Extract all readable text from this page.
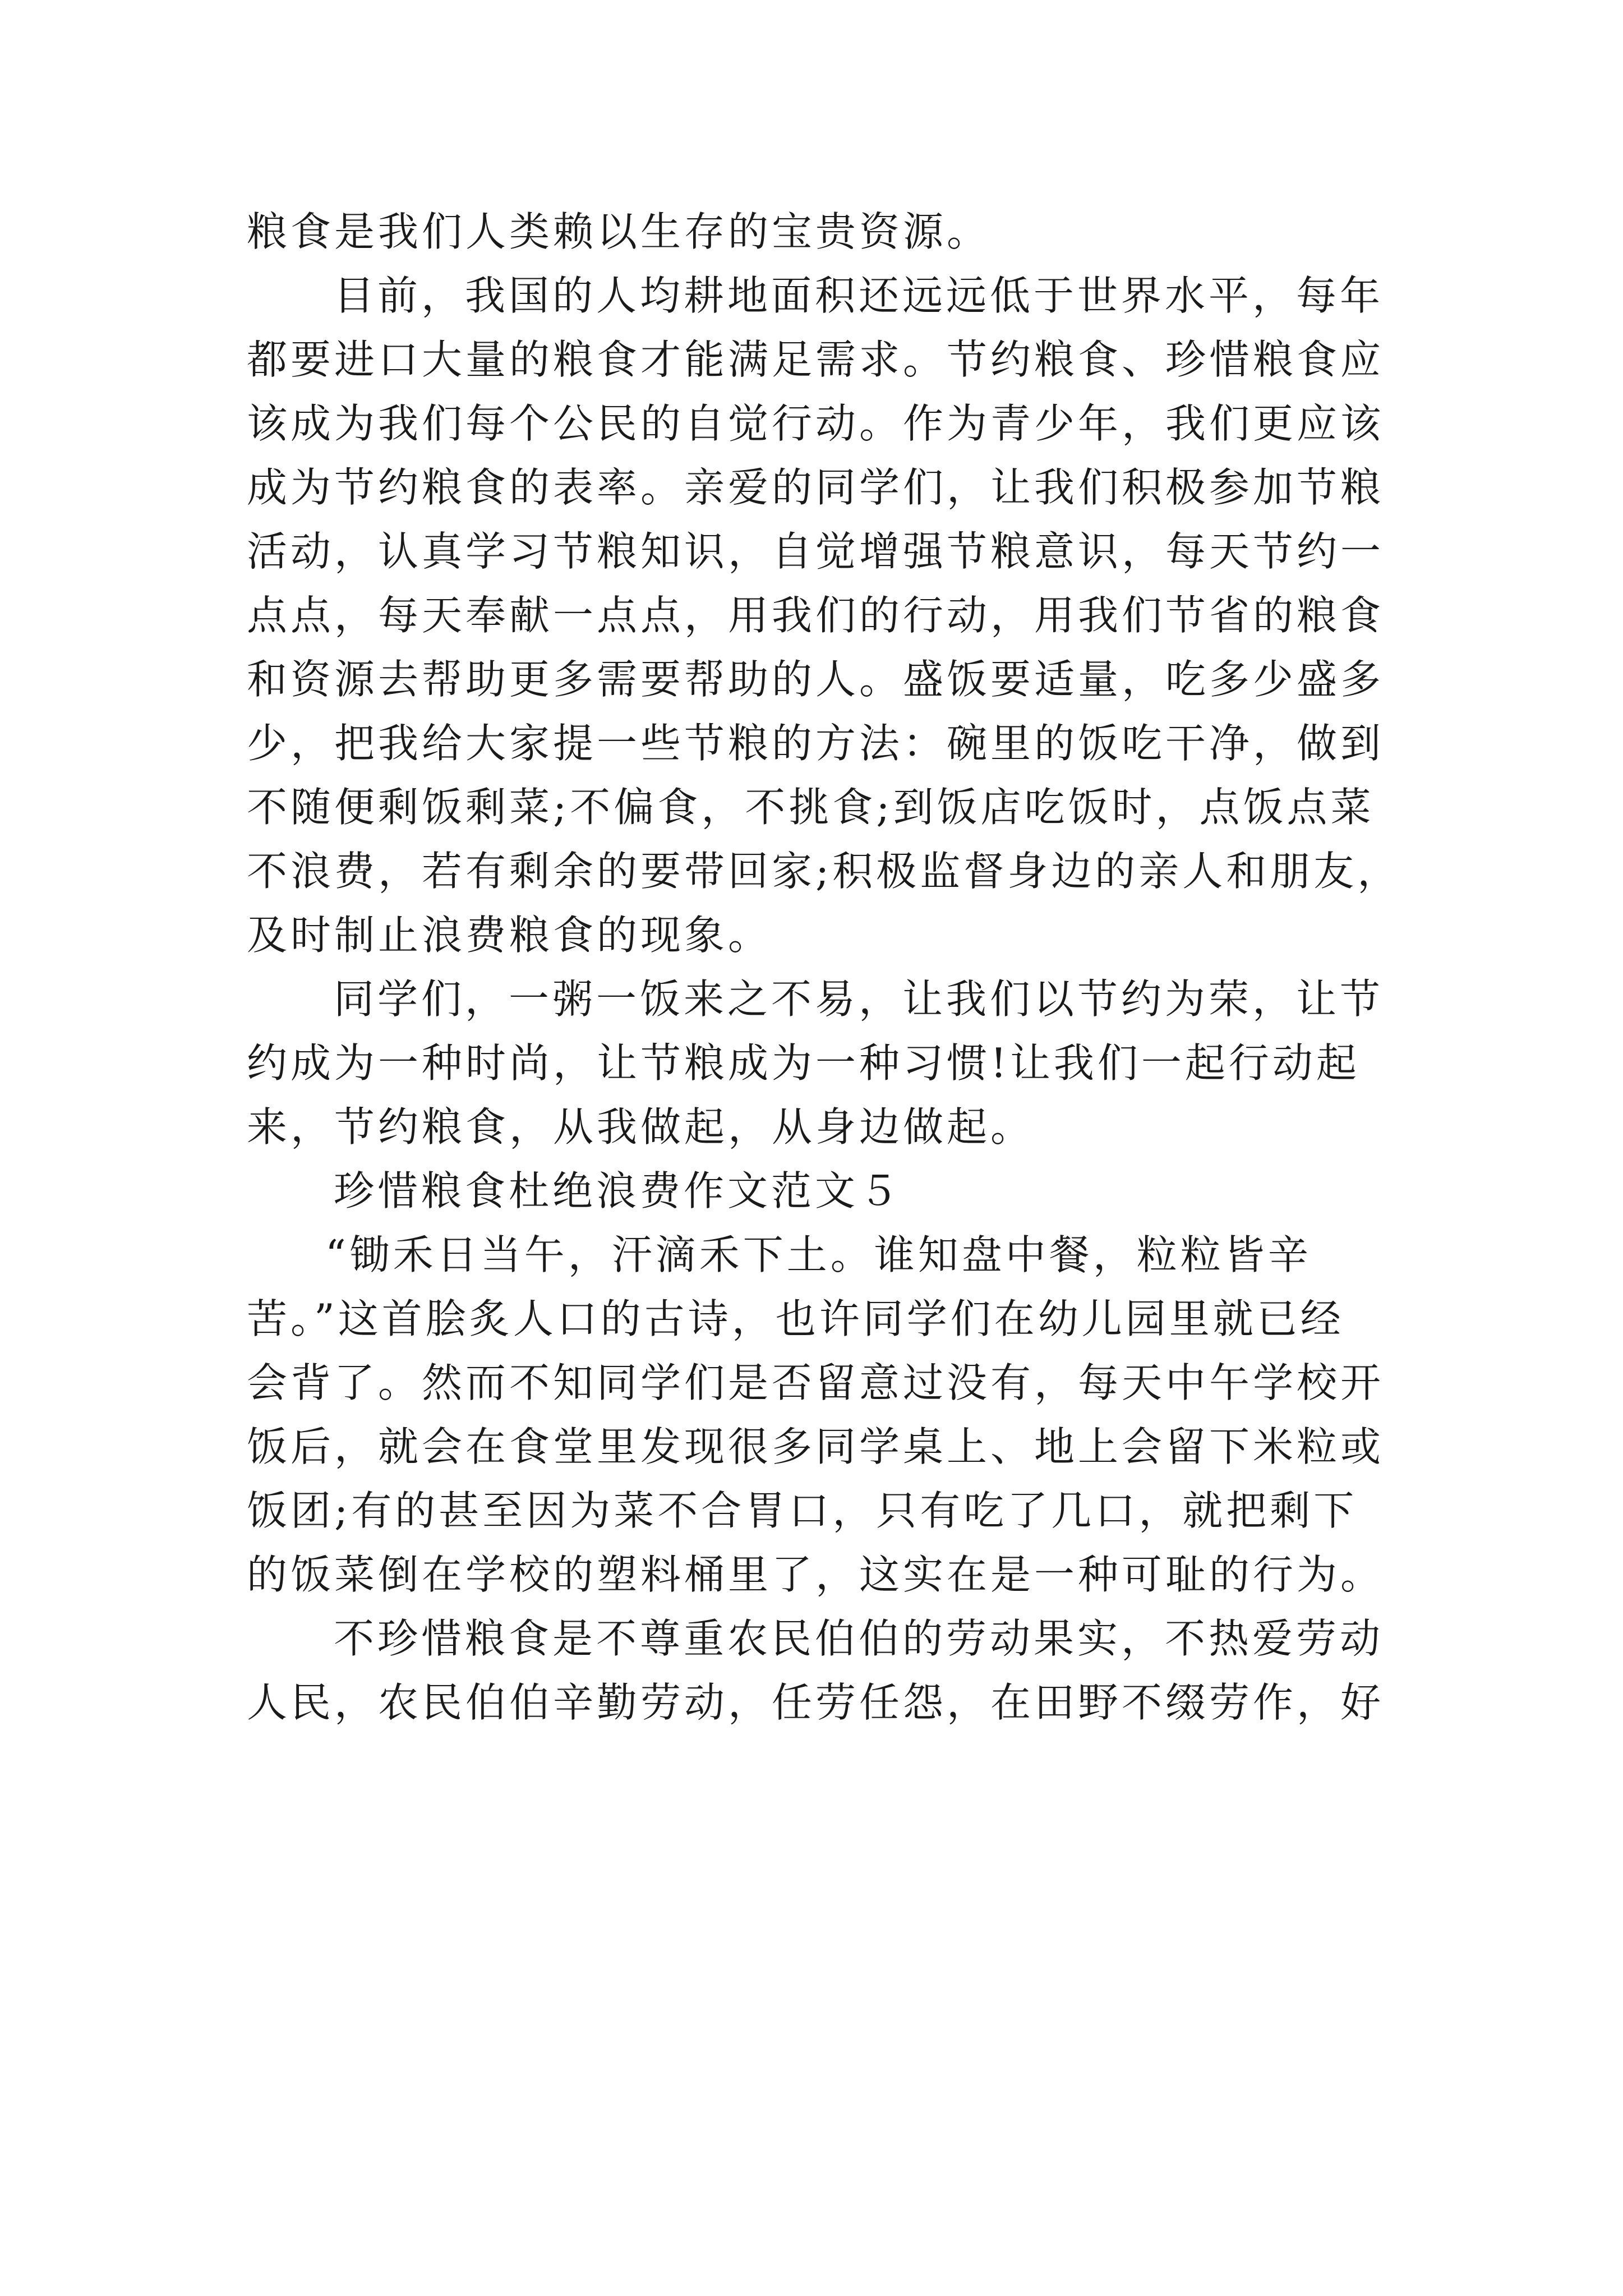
粮食是我们人类赖以生存的宝贵资源。
目前，我国的人均耕地面积还远远低于世界水平，每年
都要进口大量的粮食才能满足需求。节约粮食、珍惜粮食应
该成为我们每个公民的自觉行动。作为青少年，我们更应该
成为节约粮食的表率。亲爱的同学们，让我们积极参加节粮
活动，认真学习节粮知识，自觉增强节粮意识，每天节约一
点点，每天奉献一点点，用我们的行动，用我们节省的粮食
和资源去帮助更多需要帮助的人。盛饭要适量，吃多少盛多
少，把我给大家提一些节粮的方法：碗里的饭吃干净，做到
不随便剩饭剩菜;不偏食，不挑食;到饭店吃饭时，点饭点菜
不浪费，若有剩余的要带回家;积极监督身边的亲人和朋友，
及时制止浪费粮食的现象。
同学们，一粥一饭来之不易，让我们以节约为荣，让节
约成为一种时尚，让节粮成为一种习惯!让我们一起行动起
来，节约粮食，从我做起，从身边做起。
珍惜粮食杜绝浪费作文范文５
“锄禾日当午，汗滴禾下土。谁知盘中餐，粒粒皆辛
苦。”这首脍炙人口的古诗，也许同学们在幼儿园里就已经
会背了。然而不知同学们是否留意过没有，每天中午学校开
饭后，就会在食堂里发现很多同学桌上、地上会留下米粒或
饭团;有的甚至因为菜不合胃口，只有吃了几口，就把剩下
的饭菜倒在学校的塑料桶里了，这实在是一种可耻的行为。
不珍惜粮食是不尊重农民伯伯的劳动果实，不热爱劳动
人民，农民伯伯辛勤劳动，任劳任怨，在田野不缀劳作，好
